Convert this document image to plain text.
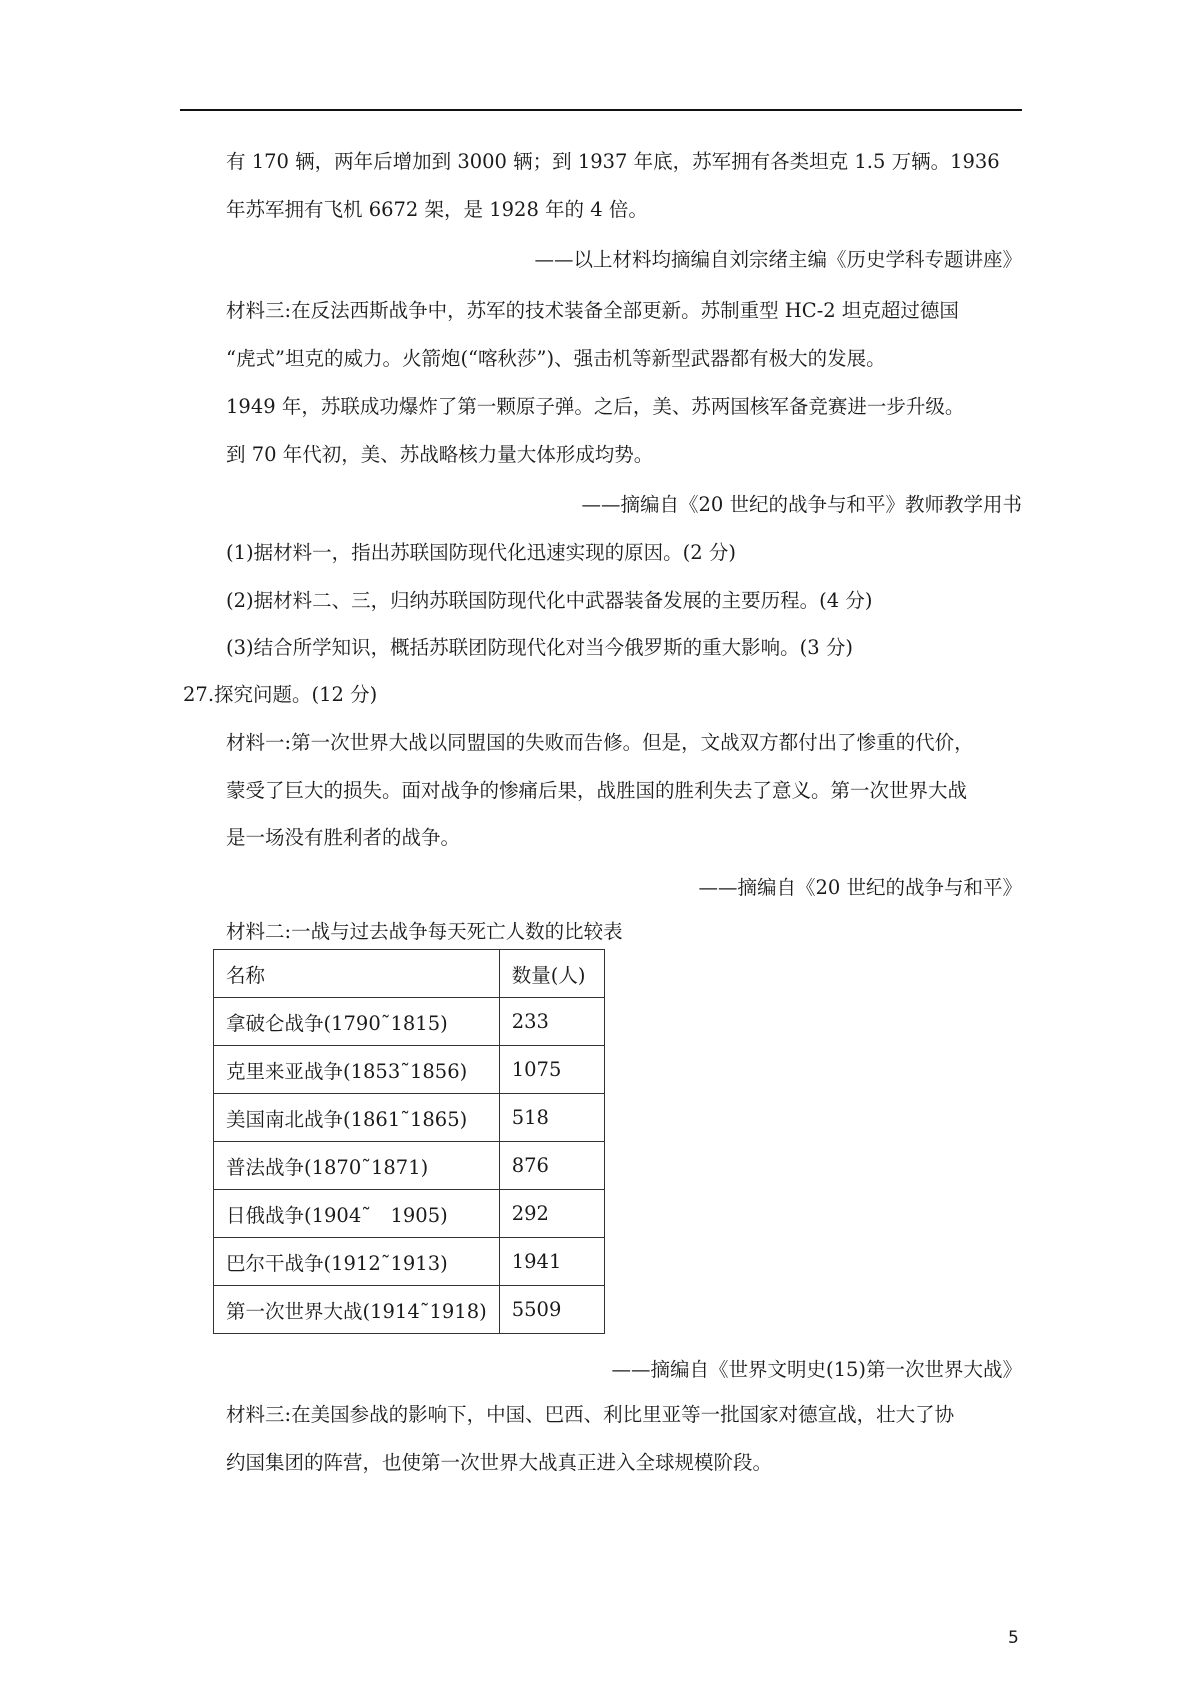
有 170 辆，两年后增加到 3000 辆；到 1937 年底，苏军拥有各类坦克 1.5 万辆。1936
年苏军拥有飞机 6672 架，是 1928 年的 4 倍。
——以上材料均摘编自刘宗绪主编《历史学科专题讲座》
材料三:在反法西斯战争中，苏军的技术装备全部更新。苏制重型 HC-2 坦克超过德国
“虎式”坦克的威力。火箭炮(“喀秋莎”)、强击机等新型武器都有极大的发展。
1949 年，苏联成功爆炸了第一颗原子弹。之后，美、苏两国核军备竞赛进一步升级。
到 70 年代初，美、苏战略核力量大体形成均势。
——摘编自《20 世纪的战争与和平》教师教学用书
(1)据材料一，指出苏联国防现代化迅速实现的原因。(2 分)
(2)据材料二、三，归纳苏联国防现代化中武器装备发展的主要历程。(4 分)
(3)结合所学知识，概括苏联团防现代化对当今俄罗斯的重大影响。(3 分)
27.探究问题。(12 分)
材料一:第一次世界大战以同盟国的失败而告修。但是，文战双方都付出了惨重的代价，
蒙受了巨大的损失。面对战争的惨痛后果，战胜国的胜利失去了意义。第一次世界大战
是一场没有胜利者的战争。
——摘编自《20 世纪的战争与和平》
材料二:一战与过去战争每天死亡人数的比较表
名称	数量(人)
拿破仑战争(1790˜1815)	233
克里来亚战争(1853˜1856)	1075
美国南北战争(1861˜1865)	518
普法战争(1870˜1871)	876
日俄战争(1904˜　1905)	292
巴尔干战争(1912˜1913)	1941
第一次世界大战(1914˜1918)	5509
——摘编自《世界文明史(15)第一次世界大战》
材料三:在美国参战的影响下，中国、巴西、利比里亚等一批国家对德宣战，壮大了协
约国集团的阵营，也使第一次世界大战真正进入全球规模阶段。
5
